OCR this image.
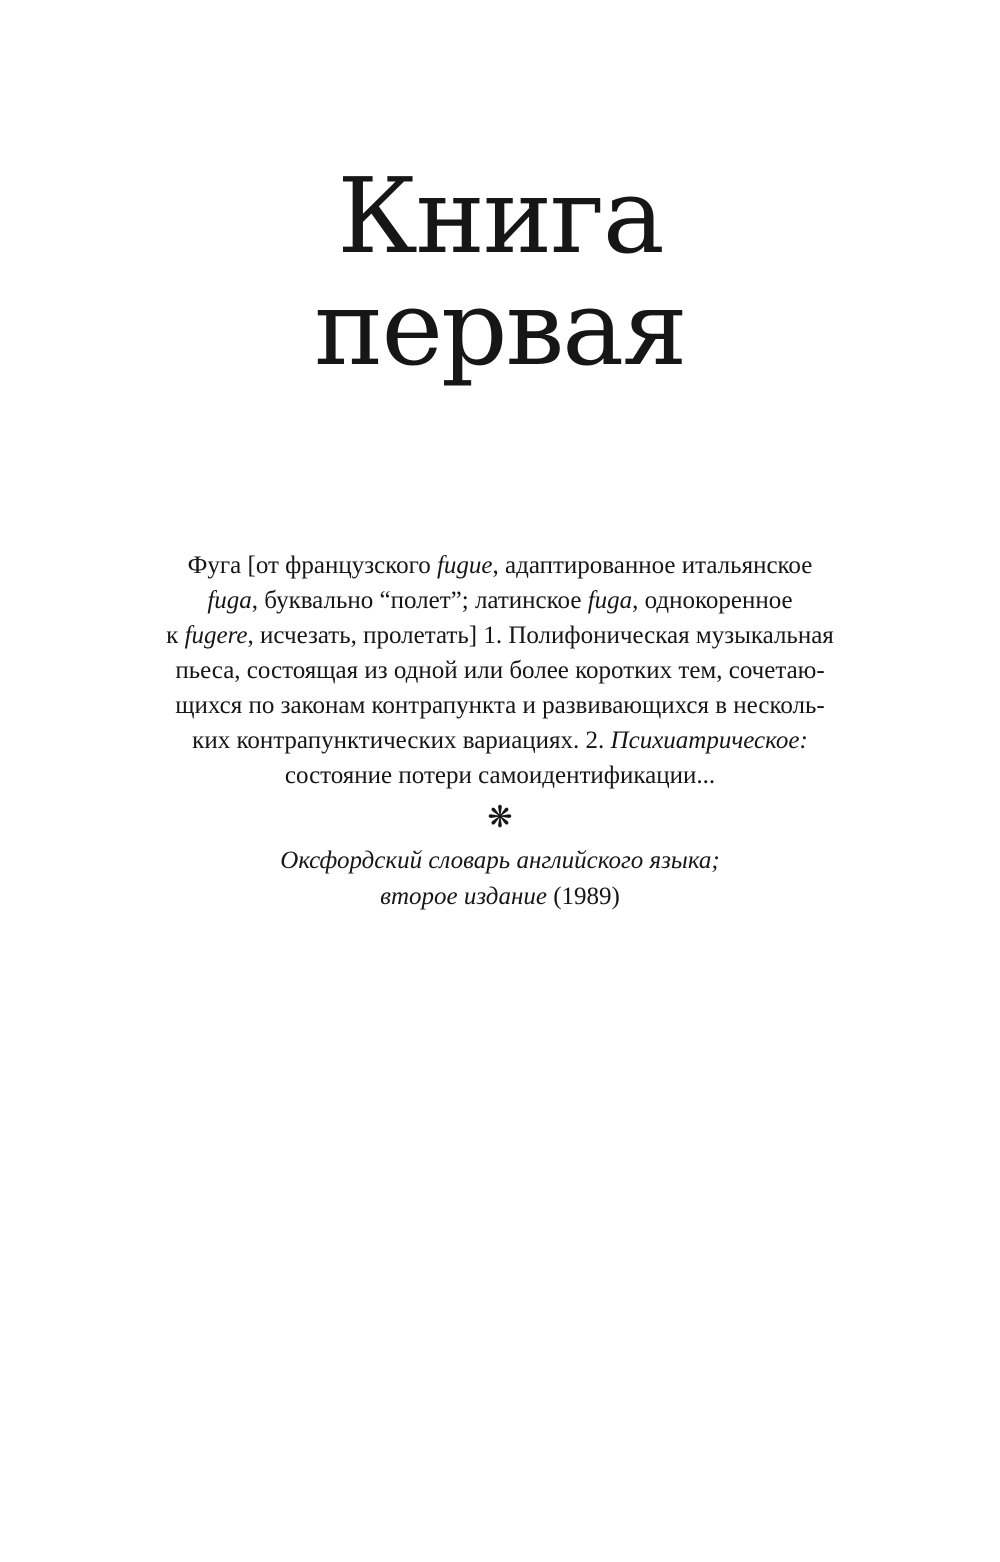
Книга
первая
Фуга [от французского fugue, адаптированное итальянское
fuga, буквально “полет”; латинское fuga, однокоренное
к fugere, исчезать, пролетать] 1. Полифоническая музыкальная
пьеса, состоящая из одной или более коротких тем, сочетаю-
щихся по законам контрапункта и развивающихся в несколь-
ких контрапунктических вариациях. 2. Психиатрическое:
состояние потери самоидентификации...
❋
Оксфордский словарь английского языка;
второе издание (1989)
